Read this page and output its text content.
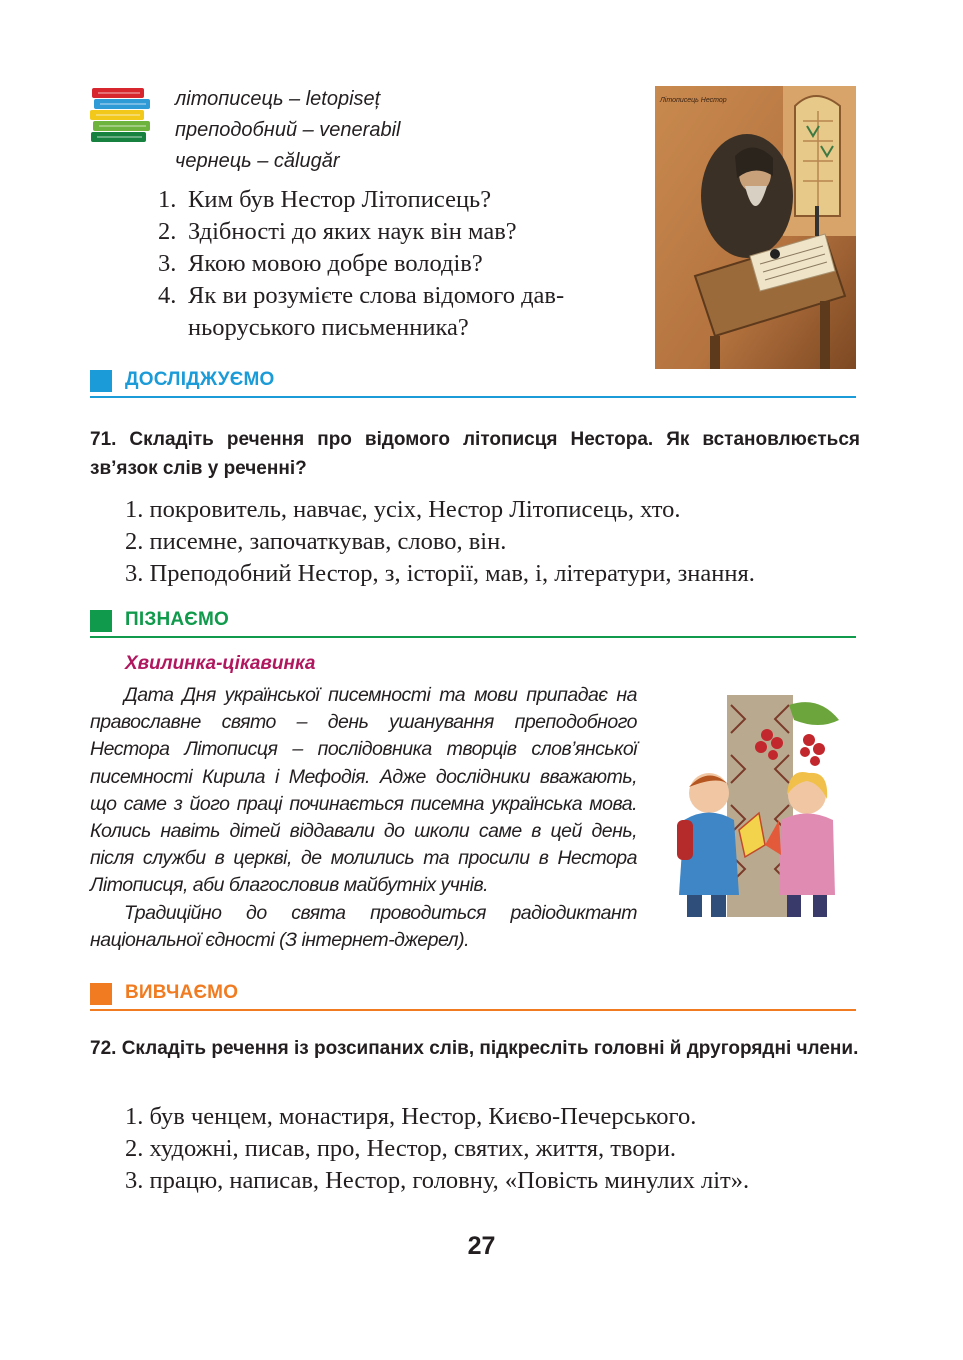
літописець – letopiseț
преподобний – venerabil
чернець – călugăr
1. Ким був Нестор Літописець?
2. Здібності до яких наук він мав?
3. Якою мовою добре володів?
4. Як ви розумієте слова відомого давньоруського письменника?
Літописець Нестор
ДОСЛІДЖУЄМО
71. Складіть речення про відомого літописця Нестора. Як встановлюється зв’язок слів у реченні?
1. покровитель, навчає, усіх, Нестор Літописець, хто.
2. писемне, започаткував, слово, він.
3. Преподобний Нестор, з, історії, мав, і, літератури, знання.
ПІЗНАЄМО
Хвилинка-цікавинка

Дата Дня української писемності та мови припадає на православне свято – день ушанування преподобного Нестора Літописця – послідовника творців слов’янської писемності Кирила і Мефодія. Адже дослідники вважають, що саме з його праці починається писемна українська мова. Колись навіть дітей віддавали до школи саме в цей день, після служби в церкві, де молились та просили в Нестора Літописця, аби благословив майбутніх учнів.

Традиційно до свята проводиться радіодиктант національної єдності (З інтернет-джерел).

ВИВЧАЄМО
72. Складіть речення із розсипаних слів, підкресліть головні й другорядні члени.
1. був ченцем, монастиря, Нестор, Києво-Печерського.
2. художні, писав, про, Нестор, святих, життя, твори.
3. працю, написав, Нестор, головну, «Повість минулих літ».
27
